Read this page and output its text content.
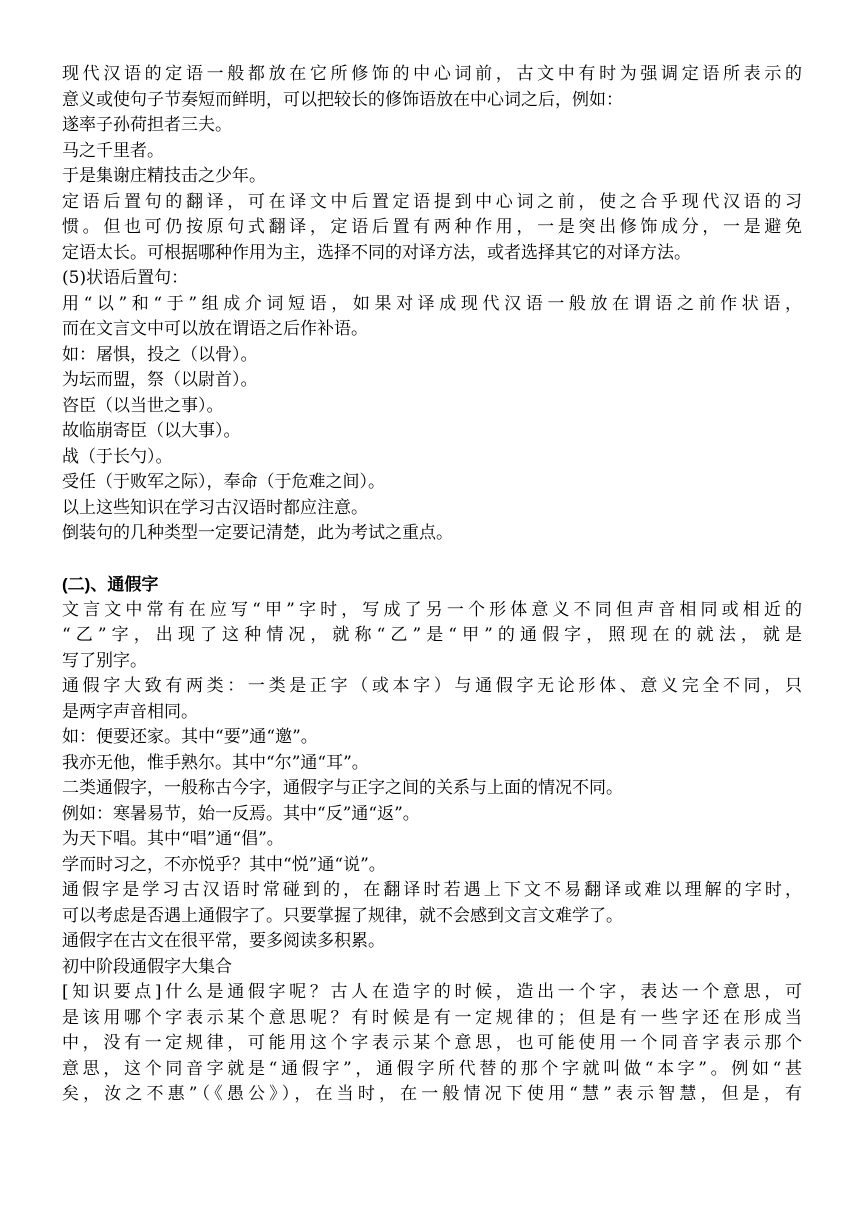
现代汉语的定语一般都放在它所修饰的中心词前，古文中有时为强调定语所表示的
意义或使句子节奏短而鲜明，可以把较长的修饰语放在中心词之后，例如：
遂率子孙荷担者三夫。
马之千里者。
于是集谢庄精技击之少年。
定语后置句的翻译，可在译文中后置定语提到中心词之前，使之合乎现代汉语的习
惯。但也可仍按原句式翻译，定语后置有两种作用，一是突出修饰成分，一是避免
定语太长。可根据哪种作用为主，选择不同的对译方法，或者选择其它的对译方法。
(5)状语后置句：
用“以”和“于”组成介词短语，如果对译成现代汉语一般放在谓语之前作状语，
而在文言文中可以放在谓语之后作补语。
如：屠惧，投之（以骨）。
为坛而盟，祭（以尉首）。
咨臣（以当世之事）。
故临崩寄臣（以大事）。
战（于长勺）。
受任（于败军之际），奉命（于危难之间）。
以上这些知识在学习古汉语时都应注意。
倒装句的几种类型一定要记清楚，此为考试之重点。
(二)、通假字
文言文中常有在应写“甲”字时，写成了另一个形体意义不同但声音相同或相近的
“乙”字，出现了这种情况，就称“乙”是“甲”的通假字，照现在的就法，就是
写了别字。
通假字大致有两类：一类是正字（或本字）与通假字无论形体、意义完全不同，只
是两字声音相同。
如：便要还家。其中“要”通“邀”。
我亦无他，惟手熟尔。其中“尔”通“耳”。
二类通假字，一般称古今字，通假字与正字之间的关系与上面的情况不同。
例如：寒暑易节，始一反焉。其中“反”通“返”。
为天下唱。其中“唱”通“倡”。
学而时习之，不亦悦乎？其中“悦”通“说”。
通假字是学习古汉语时常碰到的，在翻译时若遇上下文不易翻译或难以理解的字时，
可以考虑是否遇上通假字了。只要掌握了规律，就不会感到文言文难学了。
通假字在古文在很平常，要多阅读多积累。
初中阶段通假字大集合
[知识要点]什么是通假字呢？古人在造字的时候，造出一个字，表达一个意思，可
是该用哪个字表示某个意思呢？有时候是有一定规律的；但是有一些字还在形成当
中，没有一定规律，可能用这个字表示某个意思，也可能使用一个同音字表示那个
意思，这个同音字就是“通假字”，通假字所代替的那个字就叫做“本字”。例如“甚
矣，汝之不惠”（《愚公》），在当时，在一般情况下使用“慧”表示智慧，但是，有
